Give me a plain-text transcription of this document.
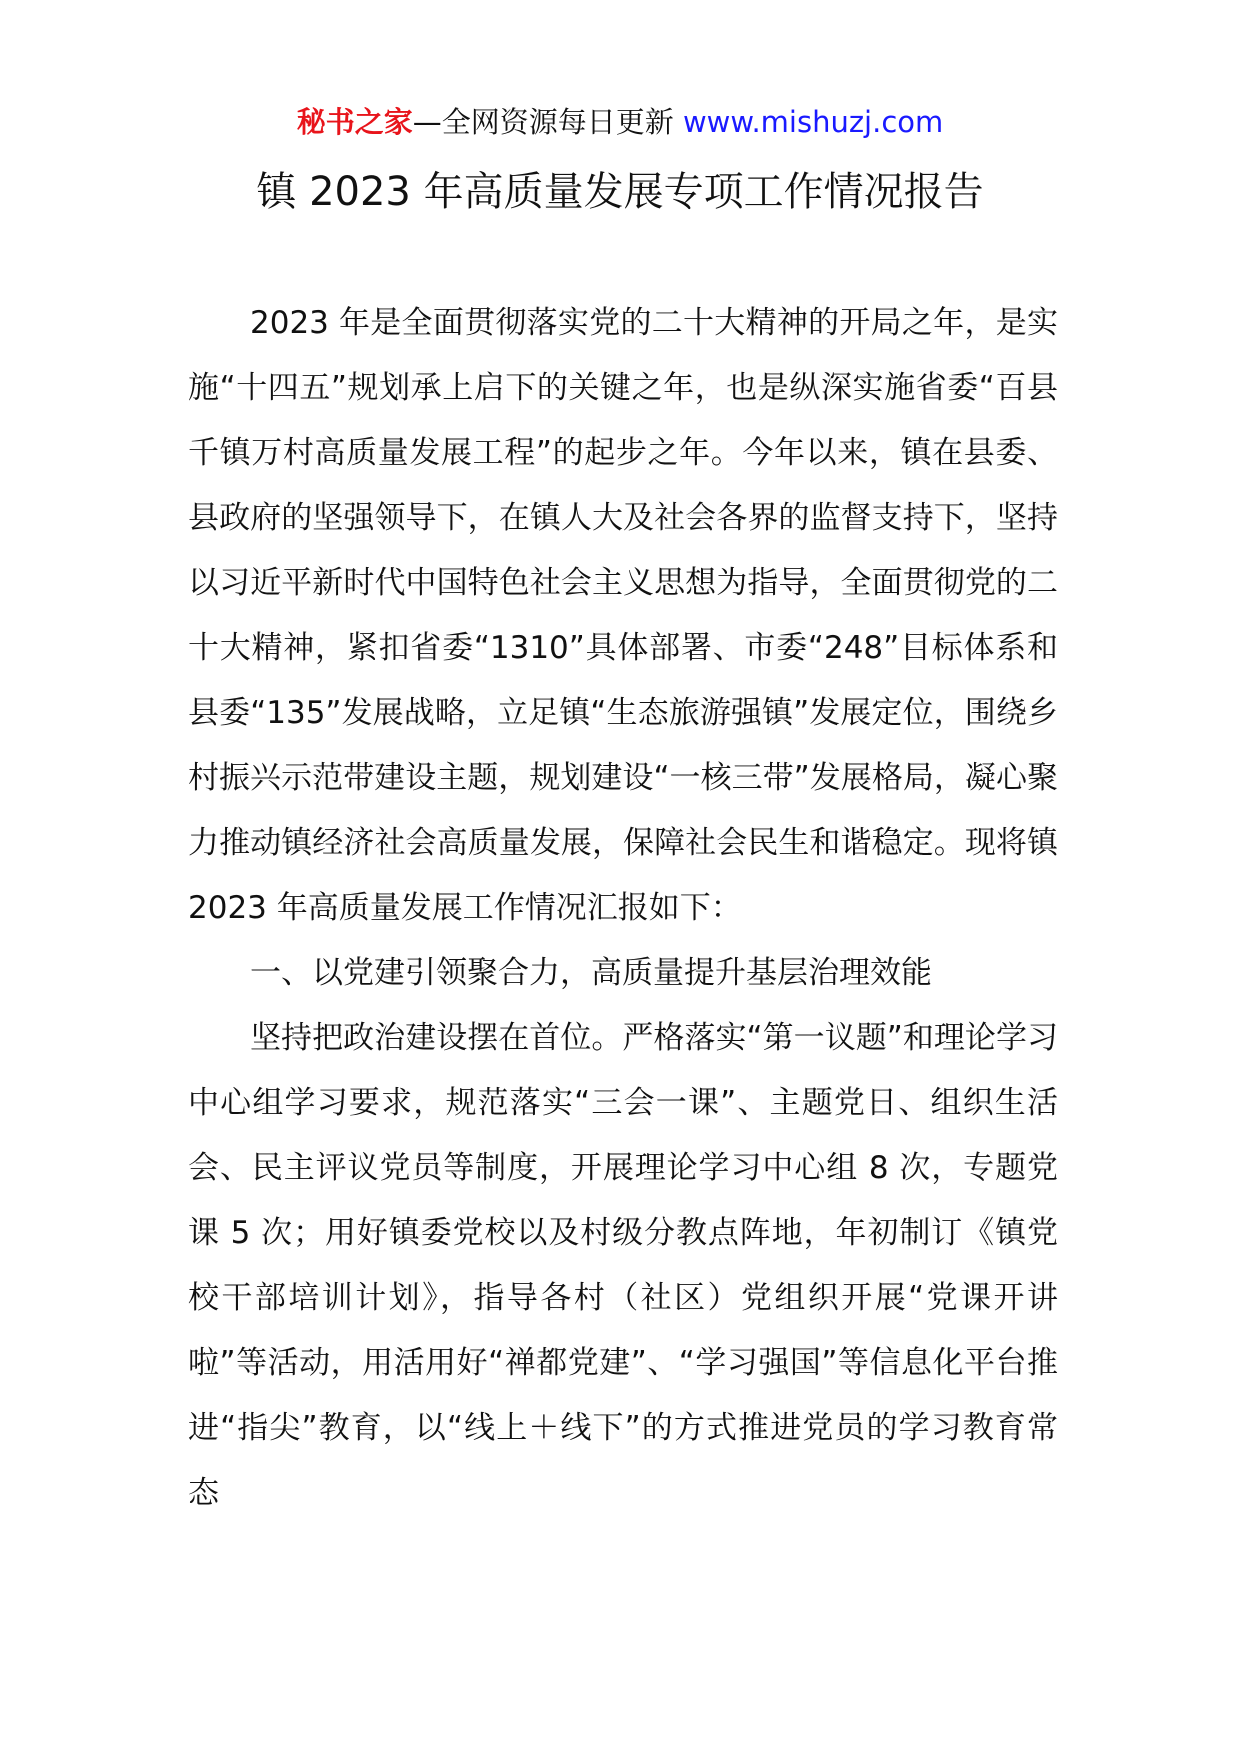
秘书之家—全网资源每日更新 www.mishuzj.com
镇 2023 年高质量发展专项工作情况报告

2023 年是全面贯彻落实党的二十大精神的开局之年，是实施“十四五”规划承上启下的关键之年，也是纵深实施省委“百县千镇万村高质量发展工程”的起步之年。今年以来，镇在县委、县政府的坚强领导下，在镇人大及社会各界的监督支持下，坚持以习近平新时代中国特色社会主义思想为指导，全面贯彻党的二十大精神，紧扣省委“1310”具体部署、市委“248”目标体系和县委“135”发展战略，立足镇“生态旅游强镇”发展定位，围绕乡村振兴示范带建设主题，规划建设“一核三带”发展格局，凝心聚力推动镇经济社会高质量发展，保障社会民生和谐稳定。现将镇 2023 年高质量发展工作情况汇报如下：

一、以党建引领聚合力，高质量提升基层治理效能

坚持把政治建设摆在首位。严格落实“第一议题”和理论学习中心组学习要求，规范落实“三会一课”、主题党日、组织生活会、民主评议党员等制度，开展理论学习中心组 8 次，专题党课 5 次；用好镇委党校以及村级分教点阵地，年初制订《镇党校干部培训计划》，指导各村（社区）党组织开展“党课开讲啦”等活动，用活用好“禅都党建”、“学习强国”等信息化平台推进“指尖”教育，以“线上＋线下”的方式推进党员的学习教育常态
